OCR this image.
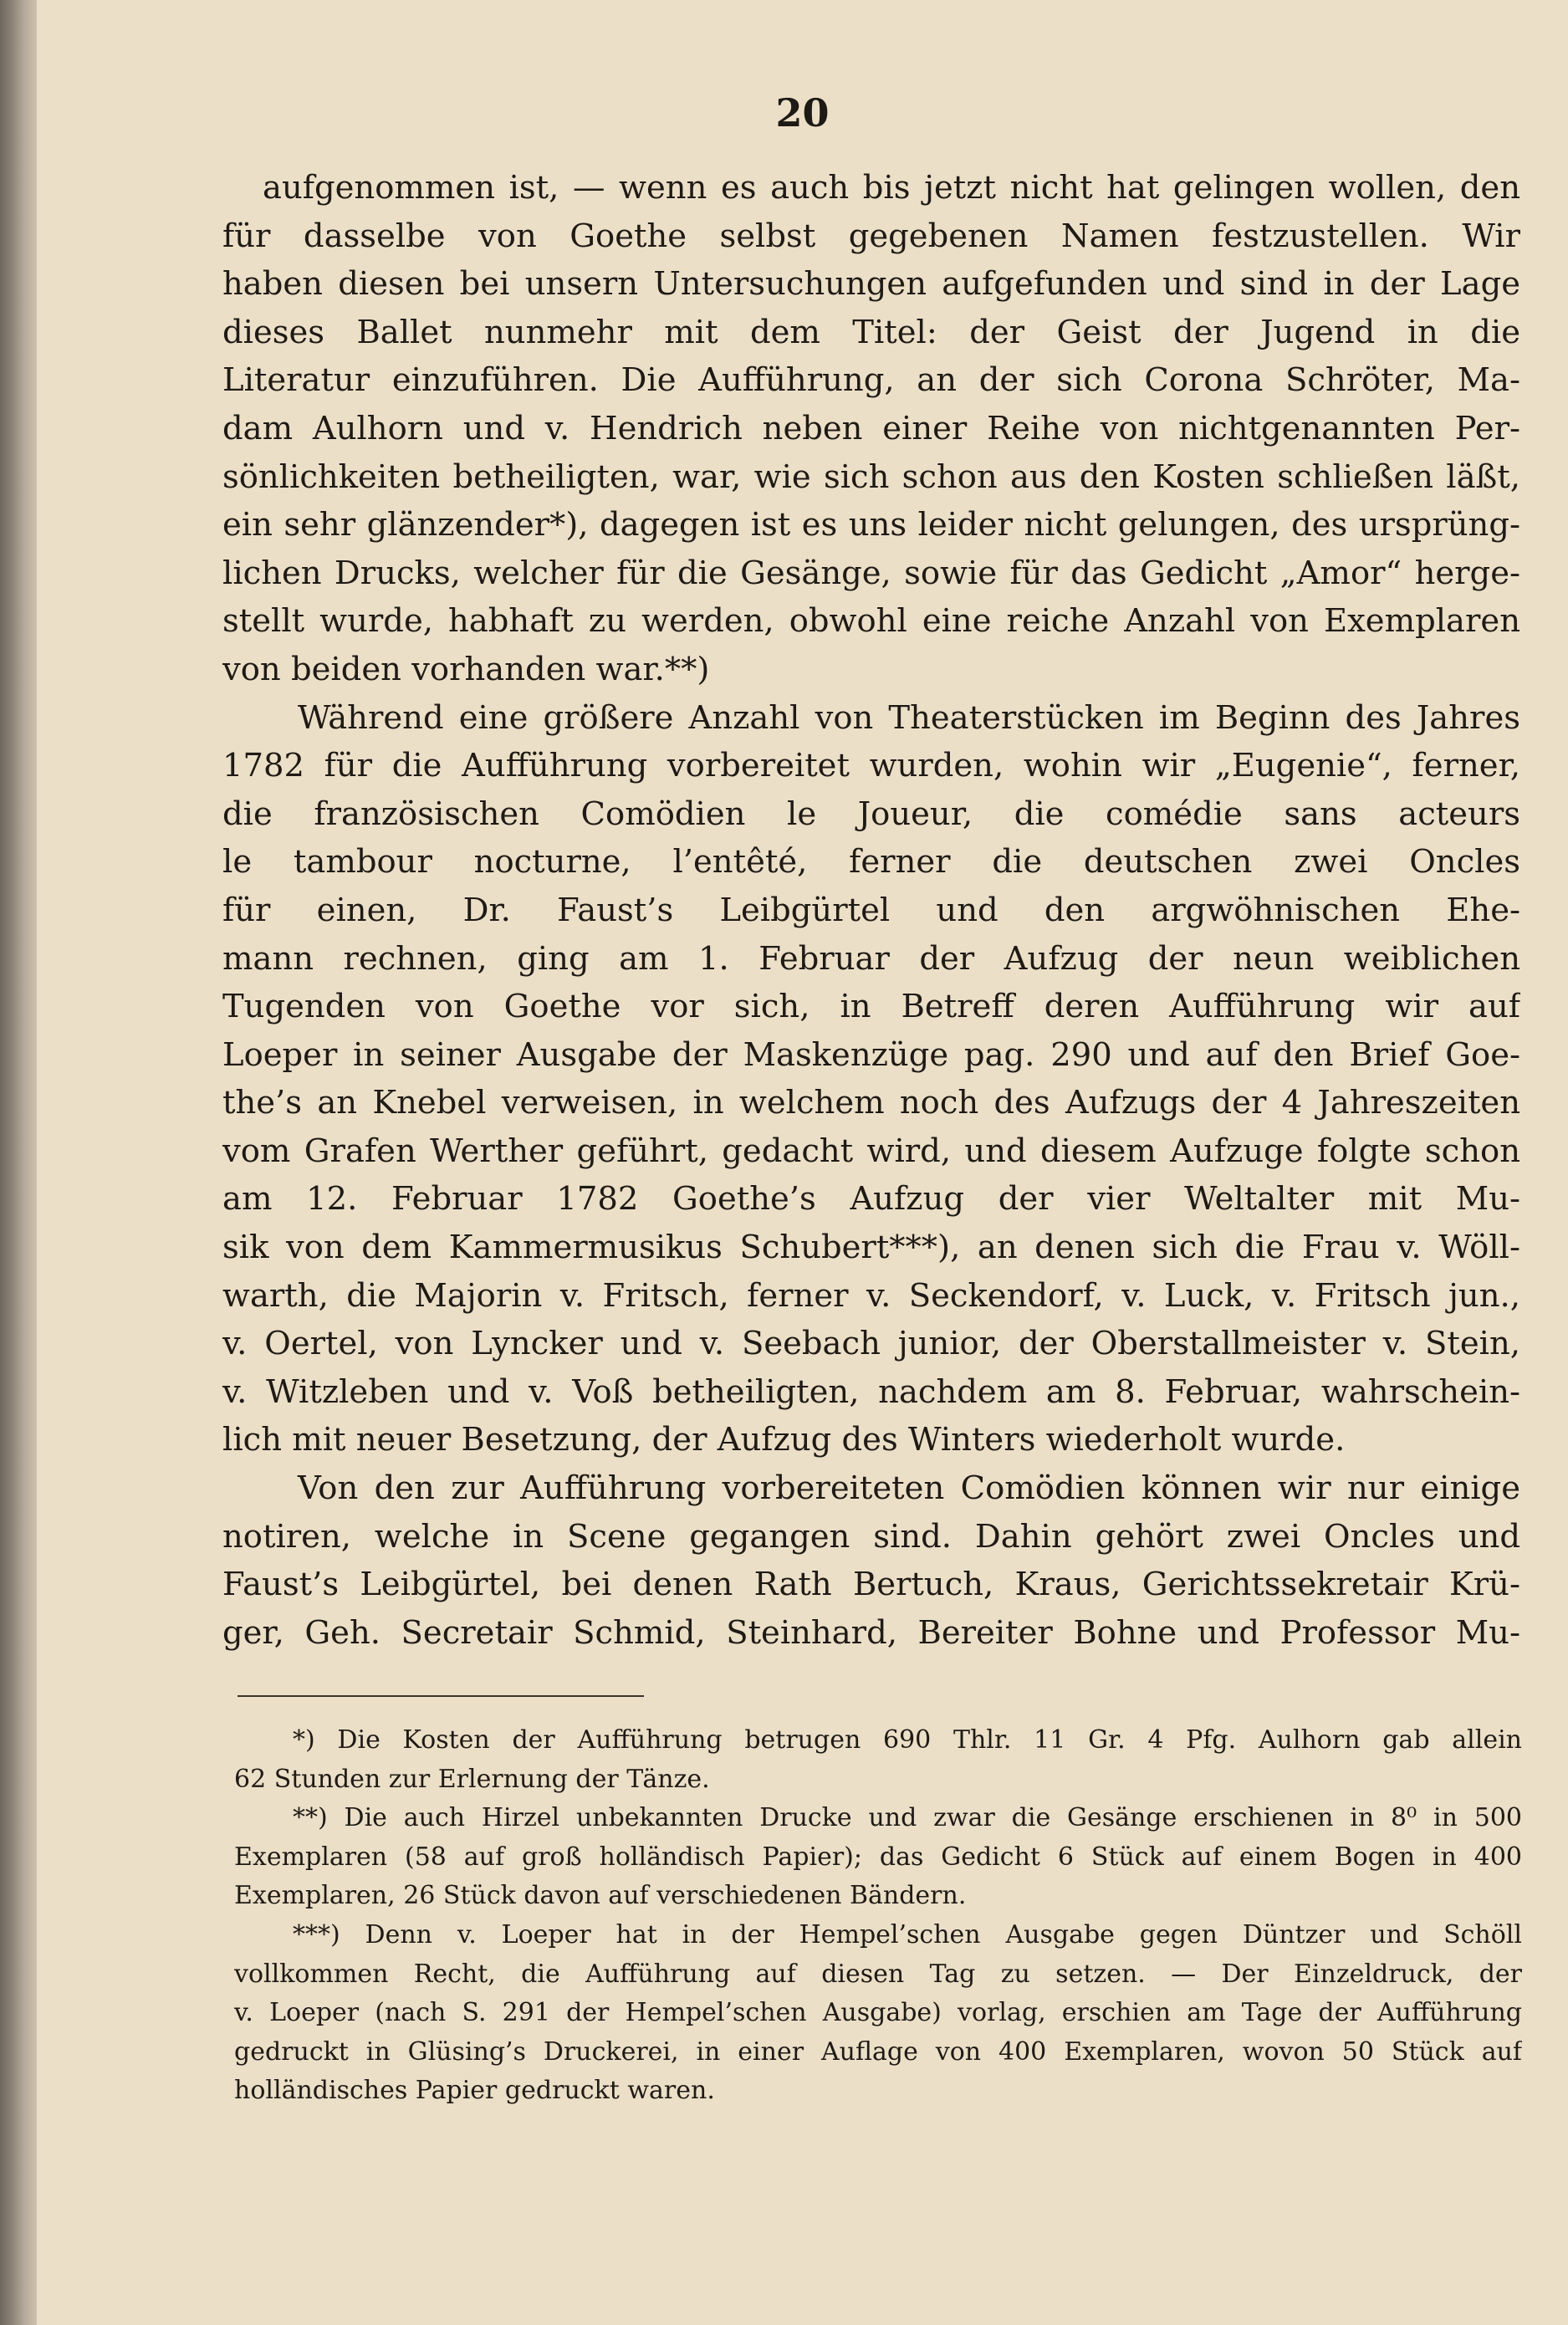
20
aufgenommen ist, — wenn es auch bis jetzt nicht hat gelingen wollen, den
für dasselbe von Goethe selbst gegebenen Namen festzustellen. Wir
haben diesen bei unsern Untersuchungen aufgefunden und sind in der Lage
dieses Ballet nunmehr mit dem Titel: der Geist der Jugend in die
Literatur einzuführen. Die Aufführung, an der sich Corona Schröter, Ma-
dam Aulhorn und v. Hendrich neben einer Reihe von nichtgenannten Per-
sönlichkeiten betheiligten, war, wie sich schon aus den Kosten schließen läßt,
ein sehr glänzender*), dagegen ist es uns leider nicht gelungen, des ursprüng-
lichen Drucks, welcher für die Gesänge, sowie für das Gedicht „Amor“ herge-
stellt wurde, habhaft zu werden, obwohl eine reiche Anzahl von Exemplaren
von beiden vorhanden war.**)
Während eine größere Anzahl von Theaterstücken im Beginn des Jahres
1782 für die Aufführung vorbereitet wurden, wohin wir „Eugenie“, ferner,
die französischen Comödien le Joueur, die comédie sans acteurs
le tambour nocturne, l’entêté, ferner die deutschen zwei Oncles
für einen, Dr. Faust’s Leibgürtel und den argwöhnischen Ehe-
mann rechnen, ging am 1. Februar der Aufzug der neun weiblichen
Tugenden von Goethe vor sich, in Betreff deren Aufführung wir auf
Loeper in seiner Ausgabe der Maskenzüge pag. 290 und auf den Brief Goe-
the’s an Knebel verweisen, in welchem noch des Aufzugs der 4 Jahreszeiten
vom Grafen Werther geführt, gedacht wird, und diesem Aufzuge folgte schon
am 12. Februar 1782 Goethe’s Aufzug der vier Weltalter mit Mu-
sik von dem Kammermusikus Schubert***), an denen sich die Frau v. Wöll-
warth, die Majorin v. Fritsch, ferner v. Seckendorf, v. Luck, v. Fritsch jun.,
v. Oertel, von Lyncker und v. Seebach junior, der Oberstallmeister v. Stein,
v. Witzleben und v. Voß betheiligten, nachdem am 8. Februar, wahrschein-
lich mit neuer Besetzung, der Aufzug des Winters wiederholt wurde.
Von den zur Aufführung vorbereiteten Comödien können wir nur einige
notiren, welche in Scene gegangen sind. Dahin gehört zwei Oncles und
Faust’s Leibgürtel, bei denen Rath Bertuch, Kraus, Gerichtssekretair Krü-
ger, Geh. Secretair Schmid, Steinhard, Bereiter Bohne und Professor Mu-
*) Die Kosten der Aufführung betrugen 690 Thlr. 11 Gr. 4 Pfg. Aulhorn gab allein
62 Stunden zur Erlernung der Tänze.
**) Die auch Hirzel unbekannten Drucke und zwar die Gesänge erschienen in 8⁰ in 500
Exemplaren (58 auf groß holländisch Papier); das Gedicht 6 Stück auf einem Bogen in 400
Exemplaren, 26 Stück davon auf verschiedenen Bändern.
***) Denn v. Loeper hat in der Hempel’schen Ausgabe gegen Düntzer und Schöll
vollkommen Recht, die Aufführung auf diesen Tag zu setzen. — Der Einzeldruck, der
v. Loeper (nach S. 291 der Hempel’schen Ausgabe) vorlag, erschien am Tage der Aufführung
gedruckt in Glüsing’s Druckerei, in einer Auflage von 400 Exemplaren, wovon 50 Stück auf
holländisches Papier gedruckt waren.
